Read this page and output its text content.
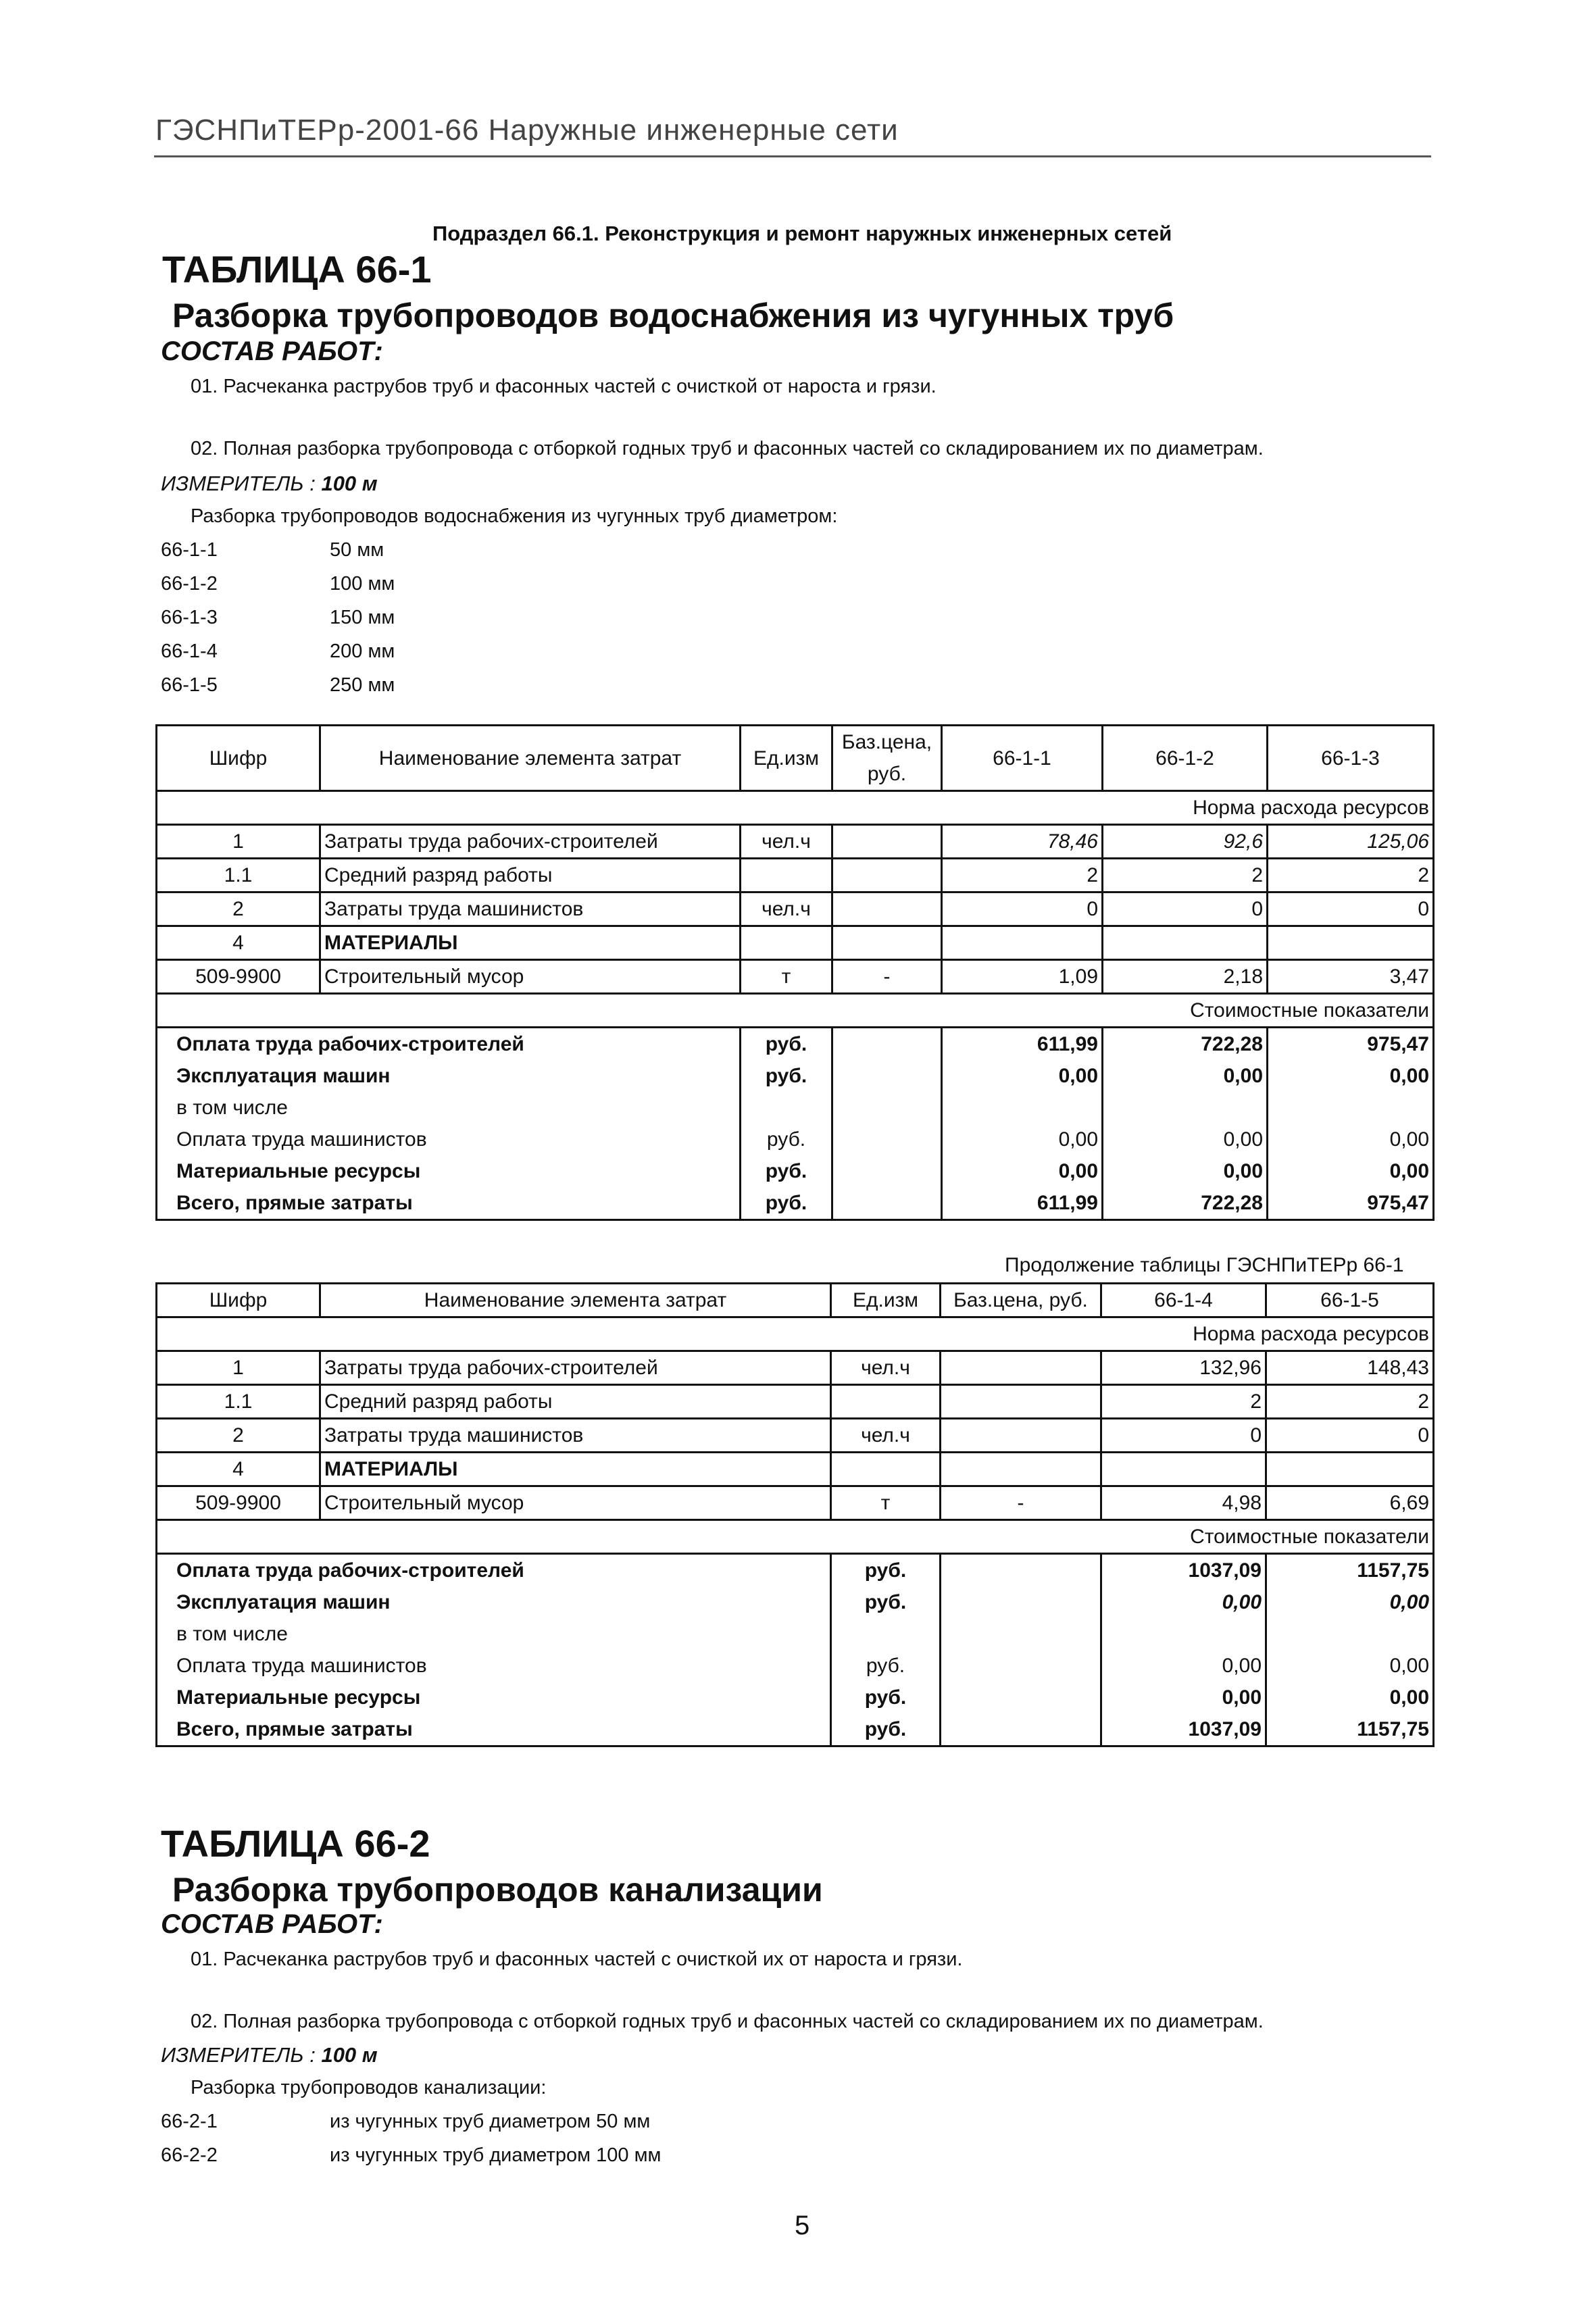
ГЭСНПиТЕРр-2001-66 Наружные инженерные сети
Подраздел 66.1. Реконструкция и ремонт наружных инженерных сетей
ТАБЛИЦА 66-1
Разборка трубопроводов водоснабжения из чугунных труб
СОСТАВ РАБОТ:
01. Расчеканка раструбов труб и фасонных частей с очисткой от нароста и грязи.
02. Полная разборка трубопровода с отборкой годных труб и фасонных частей со складированием их по диаметрам.
ИЗМЕРИТЕЛЬ : 100 м
Разборка трубопроводов водоснабжения из чугунных труб диаметром:
66-1-1	50 мм
66-1-2	100 мм
66-1-3	150 мм
66-1-4	200 мм
66-1-5	250 мм
Шифр	Наименование элемента затрат	Ед.изм	Баз.цена, руб.	66-1-1	66-1-2	66-1-3
Норма расхода ресурсов						
1	Затраты труда рабочих-строителей	чел.ч		78,46	92,6	125,06
1.1	Средний разряд работы			2	2	2
2	Затраты труда машинистов	чел.ч		0	0	0
4	МАТЕРИАЛЫ					
509-9900	Строительный мусор	т	-	1,09	2,18	3,47
Стоимостные показатели						
Оплата труда рабочих-строителей		руб.		611,99	722,28	975,47
Эксплуатация машин		руб.		0,00	0,00	0,00
в том числе						
Оплата труда машинистов		руб.		0,00	0,00	0,00
Материальные ресурсы		руб.		0,00	0,00	0,00
Всего, прямые затраты		руб.		611,99	722,28	975,47
Продолжение таблицы ГЭСНПиТЕРр 66-1
Шифр	Наименование элемента затрат	Ед.изм	Баз.цена, руб.	66-1-4	66-1-5
Норма расхода ресурсов					
1	Затраты труда рабочих-строителей	чел.ч		132,96	148,43
1.1	Средний разряд работы			2	2
2	Затраты труда машинистов	чел.ч		0	0
4	МАТЕРИАЛЫ				
509-9900	Строительный мусор	т	-	4,98	6,69
Стоимостные показатели					
Оплата труда рабочих-строителей		руб.		1037,09	1157,75
Эксплуатация машин		руб.		0,00	0,00
в том числе					
Оплата труда машинистов		руб.		0,00	0,00
Материальные ресурсы		руб.		0,00	0,00
Всего, прямые затраты		руб.		1037,09	1157,75
ТАБЛИЦА 66-2
Разборка трубопроводов канализации
СОСТАВ РАБОТ:
01. Расчеканка раструбов труб и фасонных частей с очисткой их от нароста и грязи.
02. Полная разборка трубопровода с отборкой годных труб и фасонных частей со складированием их по диаметрам.
ИЗМЕРИТЕЛЬ : 100 м
Разборка трубопроводов канализации:
66-2-1	из чугунных труб диаметром 50 мм
66-2-2	из чугунных труб диаметром 100 мм
5
